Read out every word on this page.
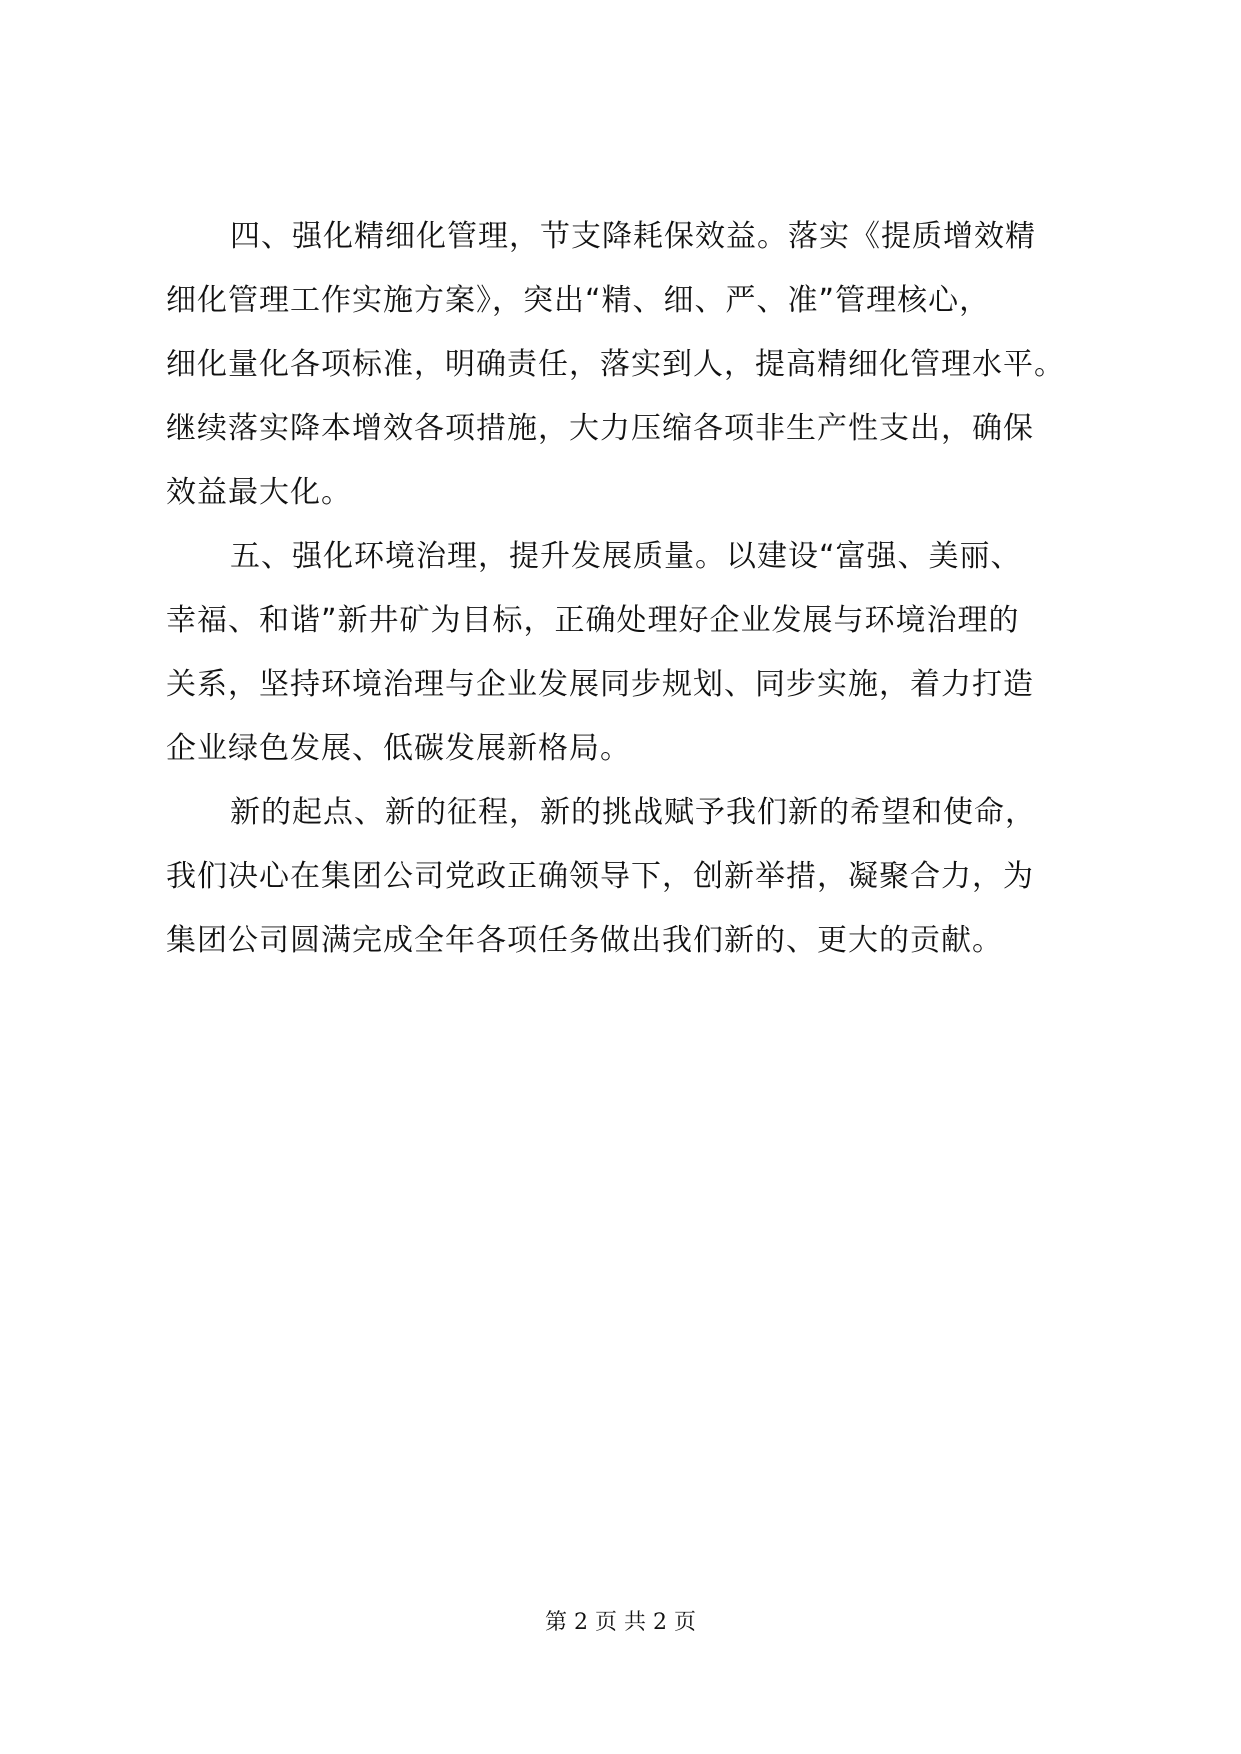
四、强化精细化管理，节支降耗保效益。落实《提质增效精
细化管理工作实施方案》，突出“精、细、严、准”管理核心，
细化量化各项标准，明确责任，落实到人，提高精细化管理水平。
继续落实降本增效各项措施，大力压缩各项非生产性支出，确保
效益最大化。
五、强化环境治理，提升发展质量。以建设“富强、美丽、
幸福、和谐”新井矿为目标，正确处理好企业发展与环境治理的
关系，坚持环境治理与企业发展同步规划、同步实施，着力打造
企业绿色发展、低碳发展新格局。
新的起点、新的征程，新的挑战赋予我们新的希望和使命，
我们决心在集团公司党政正确领导下，创新举措，凝聚合力，为
集团公司圆满完成全年各项任务做出我们新的、更大的贡献。
第 2 页 共 2 页
